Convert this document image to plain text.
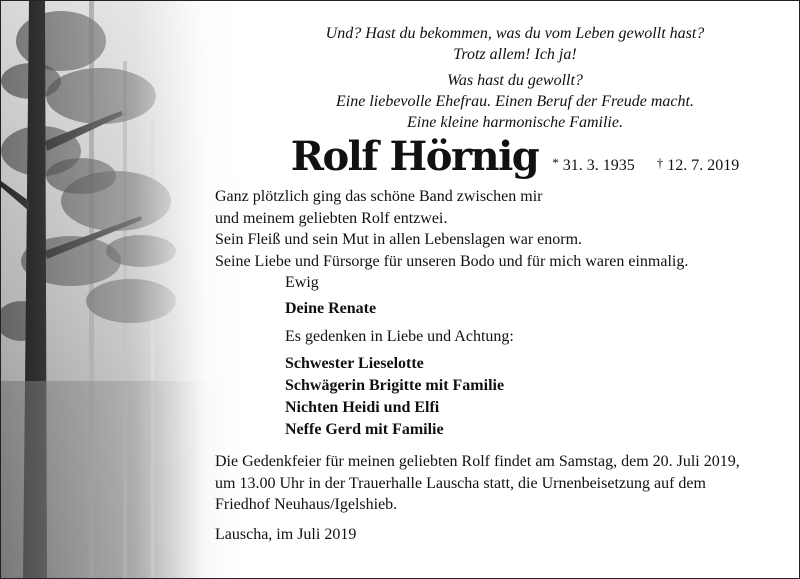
Und? Hast du bekommen, was du vom Leben gewollt hast?

Trotz allem! Ich ja!

Was hast du gewollt?

Eine liebevolle Ehefrau. Einen Beruf der Freude macht.

Eine kleine harmonische Familie.

Rolf Hörnig * 31. 3. 1935 † 12. 7. 2019

Ganz plötzlich ging das schöne Band zwischen mir

und meinem geliebten Rolf entzwei.

Sein Fleiß und sein Mut in allen Lebenslagen war enorm.

Seine Liebe und Fürsorge für unseren Bodo und für mich waren einmalig.

Ewig

Deine Renate

Es gedenken in Liebe und Achtung:

Schwester Lieselotte

Schwägerin Brigitte mit Familie

Nichten Heidi und Elfi

Neffe Gerd mit Familie

Die Gedenkfeier für meinen geliebten Rolf findet am Samstag, dem 20. Juli 2019,

um 13.00 Uhr in der Trauerhalle Lauscha statt, die Urnenbeisetzung auf dem

Friedhof Neuhaus/Igelshieb.

Lauscha, im Juli 2019
